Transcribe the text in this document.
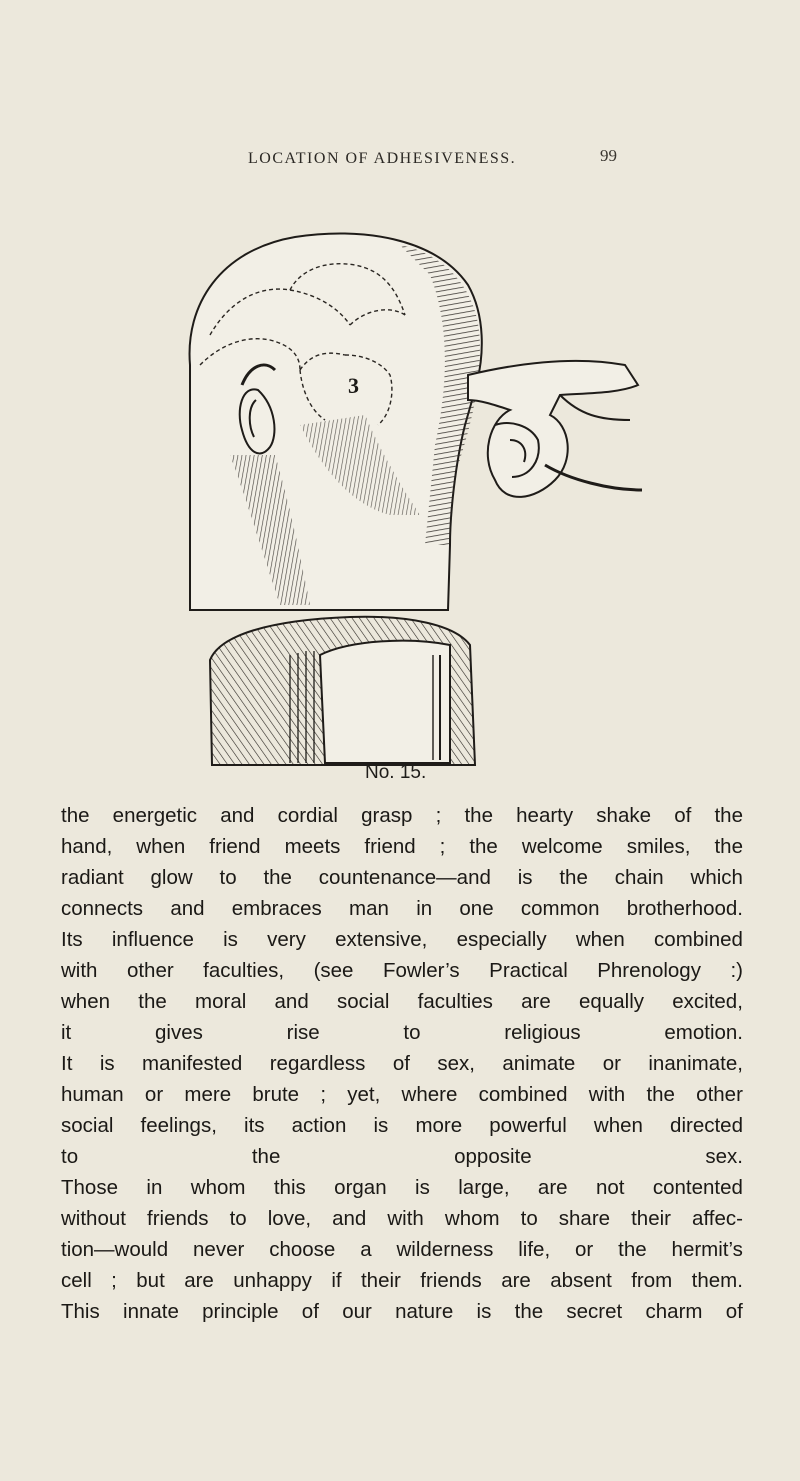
LOCATION OF ADHESIVENESS.	99
3
No. 15.

the energetic and cordial grasp ; the hearty shake of the
hand, when friend meets friend ; the welcome smiles, the
radiant glow to the countenance—and is the chain which
connects and embraces man in one common brotherhood.

Its influence is very extensive, especially when combined
with other faculties, (see Fowler’s Practical Phrenology :)
when the moral and social faculties are equally excited,
it gives rise to religious emotion.

It is manifested regardless of sex, animate or inanimate,
human or mere brute ; yet, where combined with the other
social feelings, its action is more powerful when directed
to the opposite sex.

Those in whom this organ is large, are not contented
without friends to love, and with whom to share their affec-
tion—would never choose a wilderness life, or the hermit’s
cell ; but are unhappy if their friends are absent from them.
This innate principle of our nature is the secret charm of
